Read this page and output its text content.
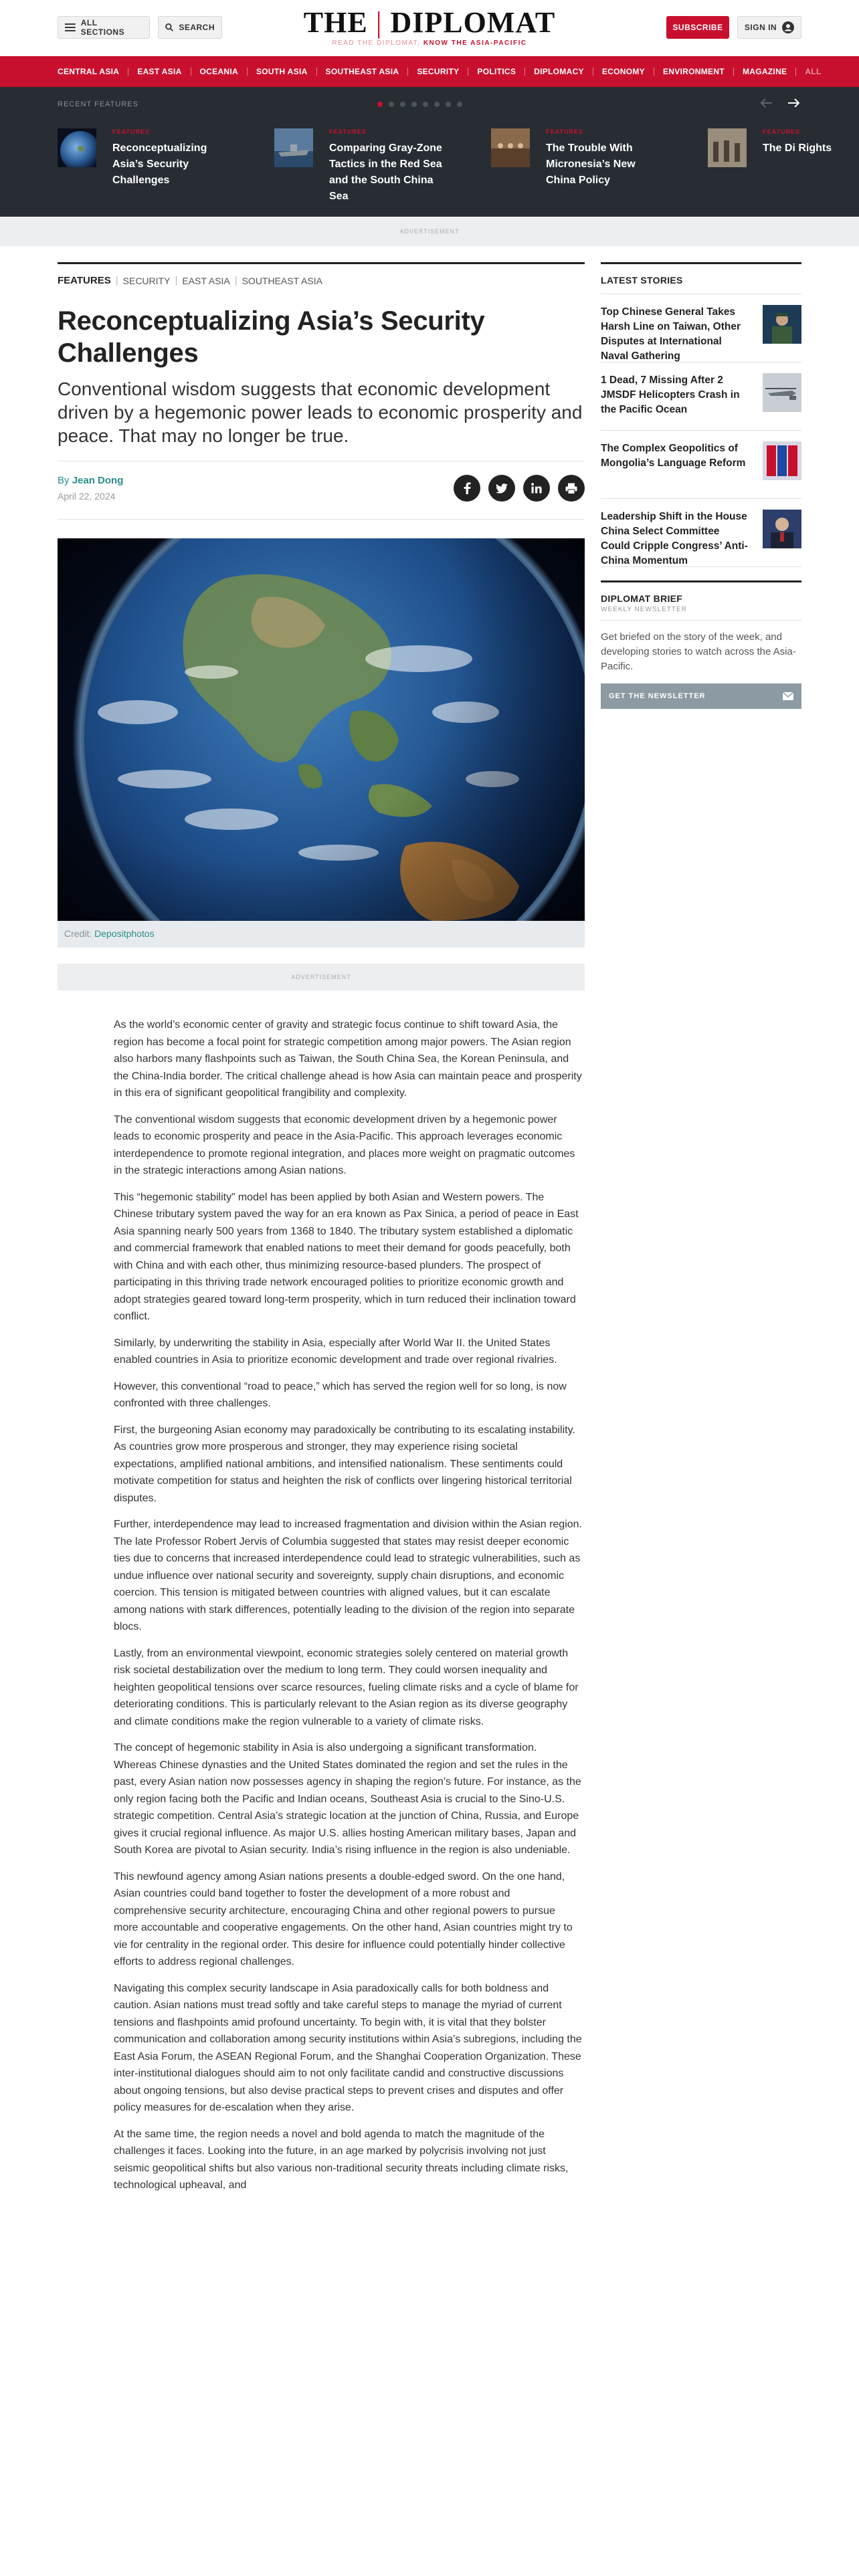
ALL SECTIONS	SEARCH	THE | DIPLOMAT
READ THE DIPLOMAT, KNOW THE ASIA-PACIFIC
SUBSCRIBE	SIGN IN
CENTRAL ASIA	EAST ASIA	OCEANIA	SOUTH ASIA	SOUTHEAST ASIA	SECURITY	POLITICS	DIPLOMACY	ECONOMY	ENVIRONMENT	MAGAZINE	ALL
RECENT FEATURES
FEATURES
Reconceptualizing Asia’s Security Challenges
FEATURES
Comparing Gray-Zone Tactics in the Red Sea and the South China Sea
FEATURES
The Trouble With Micronesia’s New China Policy
FEATURES
The Di Rights
ADVERTISEMENT
FEATURES | SECURITY | EAST ASIA | SOUTHEAST ASIA
Reconceptualizing Asia’s Security Challenges

Conventional wisdom suggests that economic development driven by a hegemonic power leads to economic prosperity and peace. That may no longer be true.

By Jean Dong
April 22, 2024
Credit: Depositphotos
ADVERTISEMENT

As the world’s economic center of gravity and strategic focus continue to shift toward Asia, the region has become a focal point for strategic competition among major powers. The Asian region also harbors many flashpoints such as Taiwan, the South China Sea, the Korean Peninsula, and the China-India border. The critical challenge ahead is how Asia can maintain peace and prosperity in this era of significant geopolitical frangibility and complexity.

The conventional wisdom suggests that economic development driven by a hegemonic power leads to economic prosperity and peace in the Asia-Pacific. This approach leverages economic interdependence to promote regional integration, and places more weight on pragmatic outcomes in the strategic interactions among Asian nations.

This “hegemonic stability” model has been applied by both Asian and Western powers. The Chinese tributary system paved the way for an era known as Pax Sinica, a period of peace in East Asia spanning nearly 500 years from 1368 to 1840. The tributary system established a diplomatic and commercial framework that enabled nations to meet their demand for goods peacefully, both with China and with each other, thus minimizing resource-based plunders. The prospect of participating in this thriving trade network encouraged polities to prioritize economic growth and adopt strategies geared toward long-term prosperity, which in turn reduced their inclination toward conflict.

Similarly, by underwriting the stability in Asia, especially after World War II. the United States enabled countries in Asia to prioritize economic development and trade over regional rivalries.

However, this conventional “road to peace,” which has served the region well for so long, is now confronted with three challenges.

First, the burgeoning Asian economy may paradoxically be contributing to its escalating instability. As countries grow more prosperous and stronger, they may experience rising societal expectations, amplified national ambitions, and intensified nationalism. These sentiments could motivate competition for status and heighten the risk of conflicts over lingering historical territorial disputes.

Further, interdependence may lead to increased fragmentation and division within the Asian region. The late Professor Robert Jervis of Columbia suggested that states may resist deeper economic ties due to concerns that increased interdependence could lead to strategic vulnerabilities, such as undue influence over national security and sovereignty, supply chain disruptions, and economic coercion. This tension is mitigated between countries with aligned values, but it can escalate among nations with stark differences, potentially leading to the division of the region into separate blocs.

Lastly, from an environmental viewpoint, economic strategies solely centered on material growth risk societal destabilization over the medium to long term. They could worsen inequality and heighten geopolitical tensions over scarce resources, fueling climate risks and a cycle of blame for deteriorating conditions. This is particularly relevant to the Asian region as its diverse geography and climate conditions make the region vulnerable to a variety of climate risks.

The concept of hegemonic stability in Asia is also undergoing a significant transformation. Whereas Chinese dynasties and the United States dominated the region and set the rules in the past, every Asian nation now possesses agency in shaping the region’s future. For instance, as the only region facing both the Pacific and Indian oceans, Southeast Asia is crucial to the Sino-U.S. strategic competition. Central Asia’s strategic location at the junction of China, Russia, and Europe gives it crucial regional influence. As major U.S. allies hosting American military bases, Japan and South Korea are pivotal to Asian security. India’s rising influence in the region is also undeniable.

This newfound agency among Asian nations presents a double-edged sword. On the one hand, Asian countries could band together to foster the development of a more robust and comprehensive security architecture, encouraging China and other regional powers to pursue more accountable and cooperative engagements. On the other hand, Asian countries might try to vie for centrality in the regional order. This desire for influence could potentially hinder collective efforts to address regional challenges.

Navigating this complex security landscape in Asia paradoxically calls for both boldness and caution. Asian nations must tread softly and take careful steps to manage the myriad of current tensions and flashpoints amid profound uncertainty. To begin with, it is vital that they bolster communication and collaboration among security institutions within Asia’s subregions, including the East Asia Forum, the ASEAN Regional Forum, and the Shanghai Cooperation Organization. These inter-institutional dialogues should aim to not only facilitate candid and constructive discussions about ongoing tensions, but also devise practical steps to prevent crises and disputes and offer policy measures for de-escalation when they arise.

At the same time, the region needs a novel and bold agenda to match the magnitude of the challenges it faces. Looking into the future, in an age marked by polycrisis involving not just seismic geopolitical shifts but also various non-traditional security threats including climate risks, technological upheaval, and

LATEST STORIES
Top Chinese General Takes Harsh Line on Taiwan, Other Disputes at International Naval Gathering
1 Dead, 7 Missing After 2 JMSDF Helicopters Crash in the Pacific Ocean
The Complex Geopolitics of Mongolia’s Language Reform
Leadership Shift in the House China Select Committee Could Cripple Congress’ Anti-China Momentum
DIPLOMAT BRIEF
WEEKLY NEWSLETTER
Get briefed on the story of the week, and developing stories to watch across the Asia-Pacific.
GET THE NEWSLETTER
